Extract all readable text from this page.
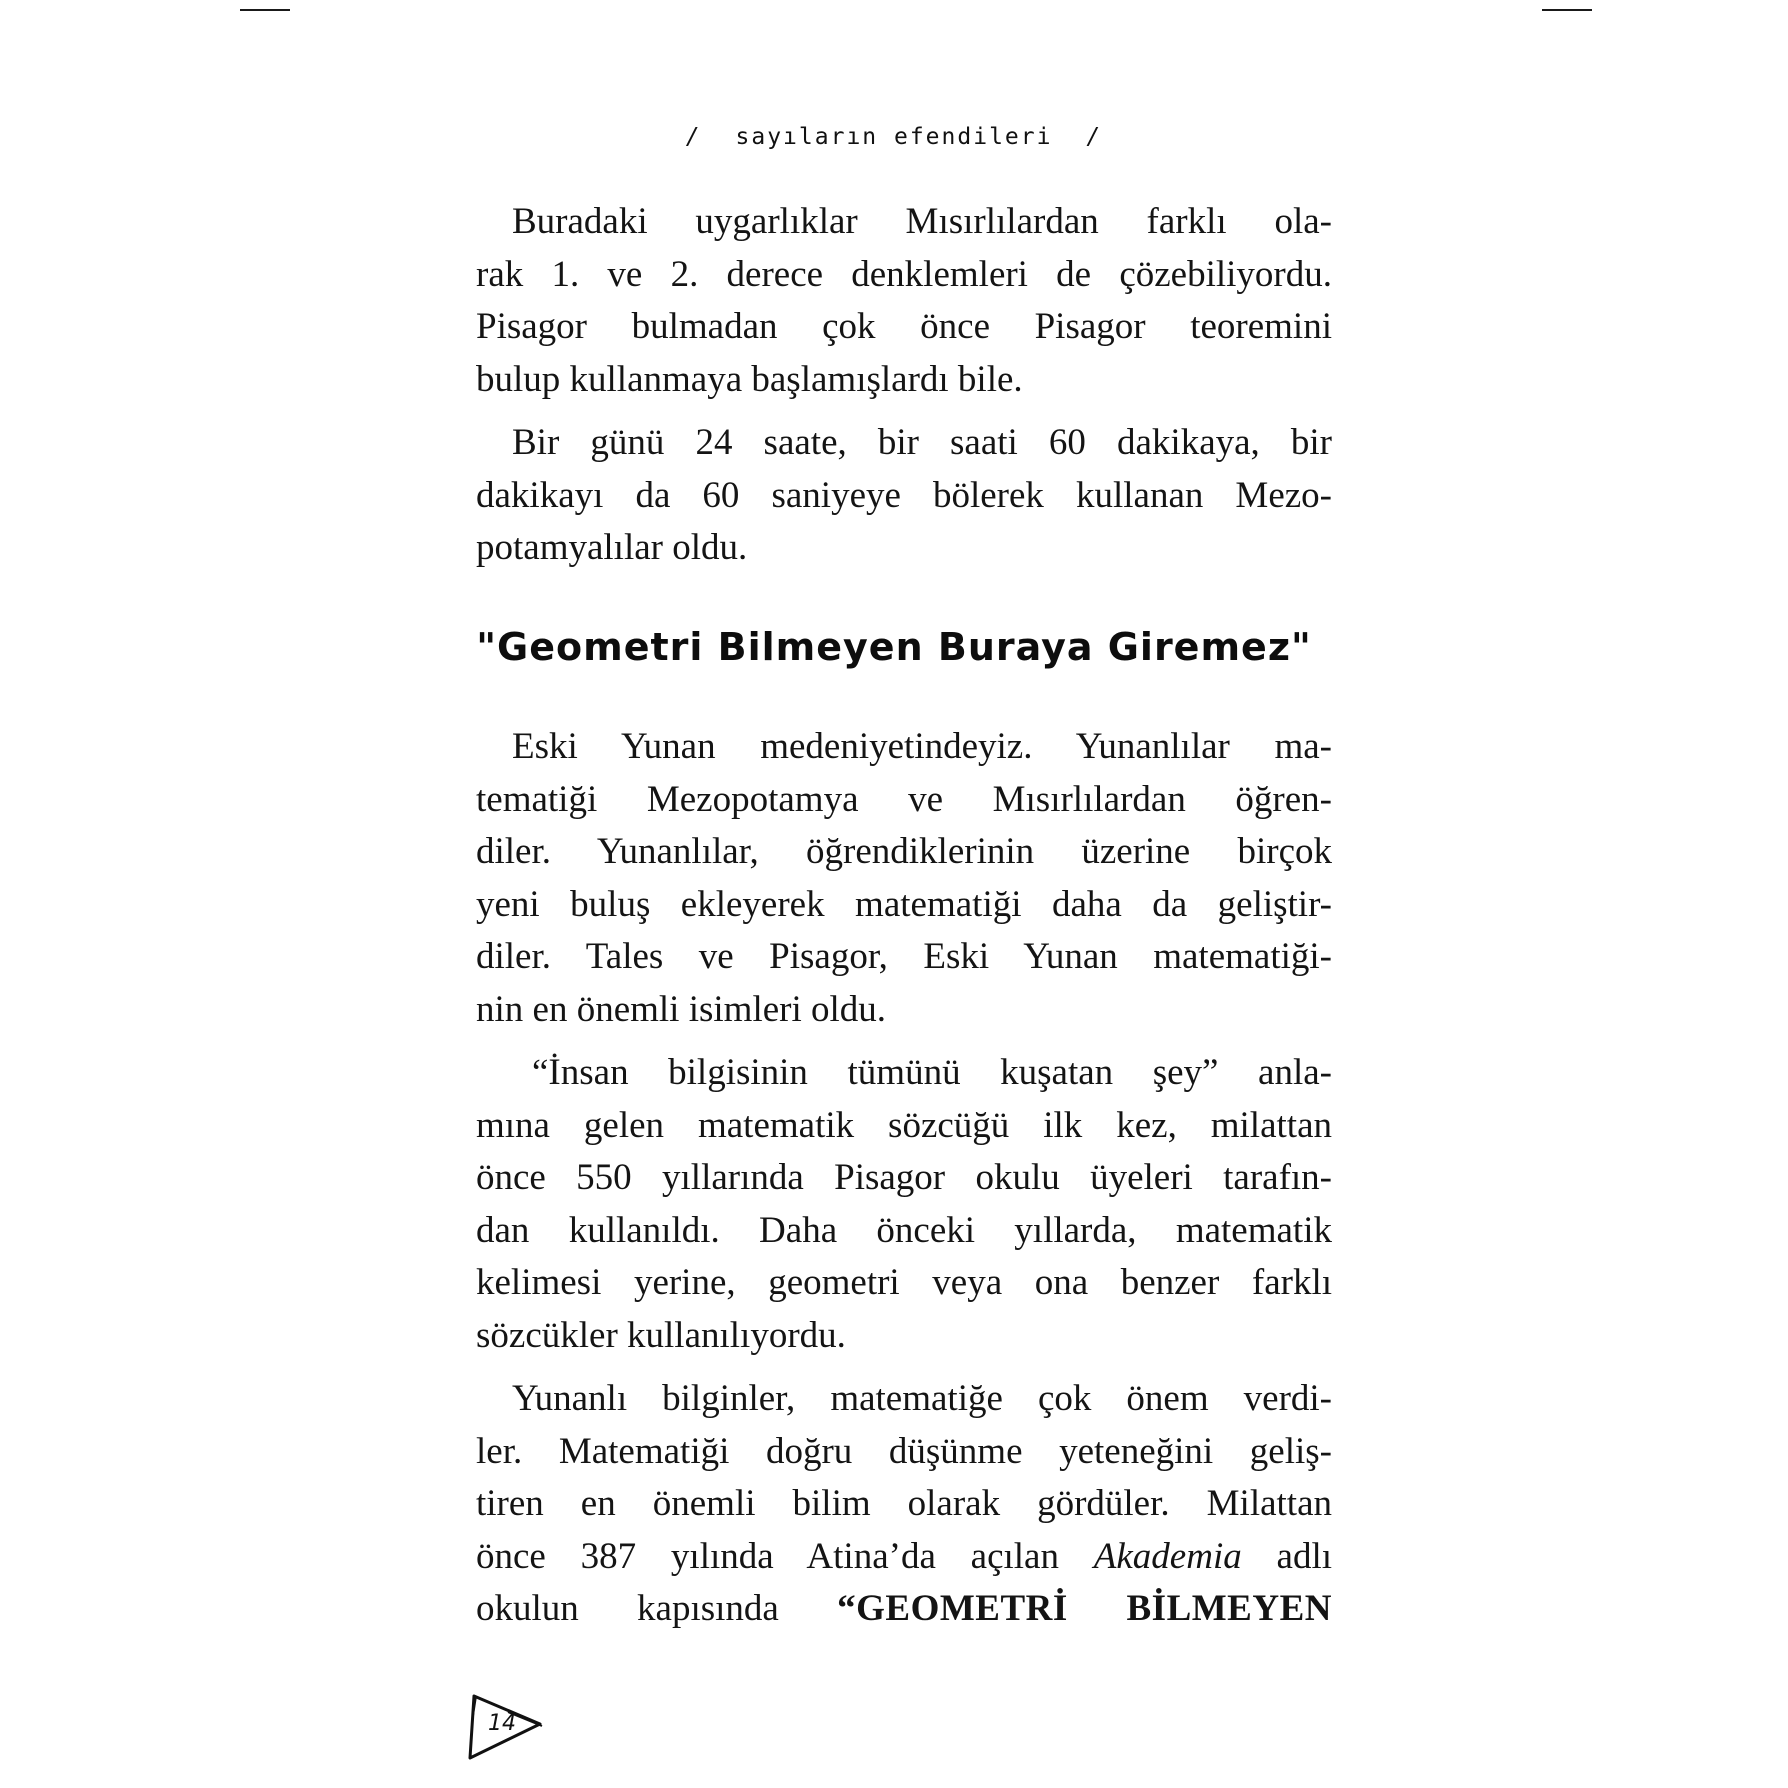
/ sayıların efendileri /
Buradaki uygarlıklar Mısırlılardan farklı ola-
rak 1. ve 2. derece denklemleri de çözebiliyordu.
Pisagor bulmadan çok önce Pisagor teoremini
bulup kullanmaya başlamışlardı bile.
Bir günü 24 saate, bir saati 60 dakikaya, bir
dakikayı da 60 saniyeye bölerek kullanan Mezo-
potamyalılar oldu.
"Geometri Bilmeyen Buraya Giremez"
Eski Yunan medeniyetindeyiz. Yunanlılar ma-
tematiği Mezopotamya ve Mısırlılardan öğren-
diler. Yunanlılar, öğrendiklerinin üzerine birçok
yeni buluş ekleyerek matematiği daha da geliştir-
diler. Tales ve Pisagor, Eski Yunan matematiği-
nin en önemli isimleri oldu.
“İnsan bilgisinin tümünü kuşatan şey” anla-
mına gelen matematik sözcüğü ilk kez, milattan
önce 550 yıllarında Pisagor okulu üyeleri tarafın-
dan kullanıldı. Daha önceki yıllarda, matematik
kelimesi yerine, geometri veya ona benzer farklı
sözcükler kullanılıyordu.
Yunanlı bilginler, matematiğe çok önem verdi-
ler. Matematiği doğru düşünme yeteneğini geliş-
tiren en önemli bilim olarak gördüler. Milattan
önce 387 yılında Atina’da açılan Akademia adlı
okulun kapısında “GEOMETRİ BİLMEYEN
14
